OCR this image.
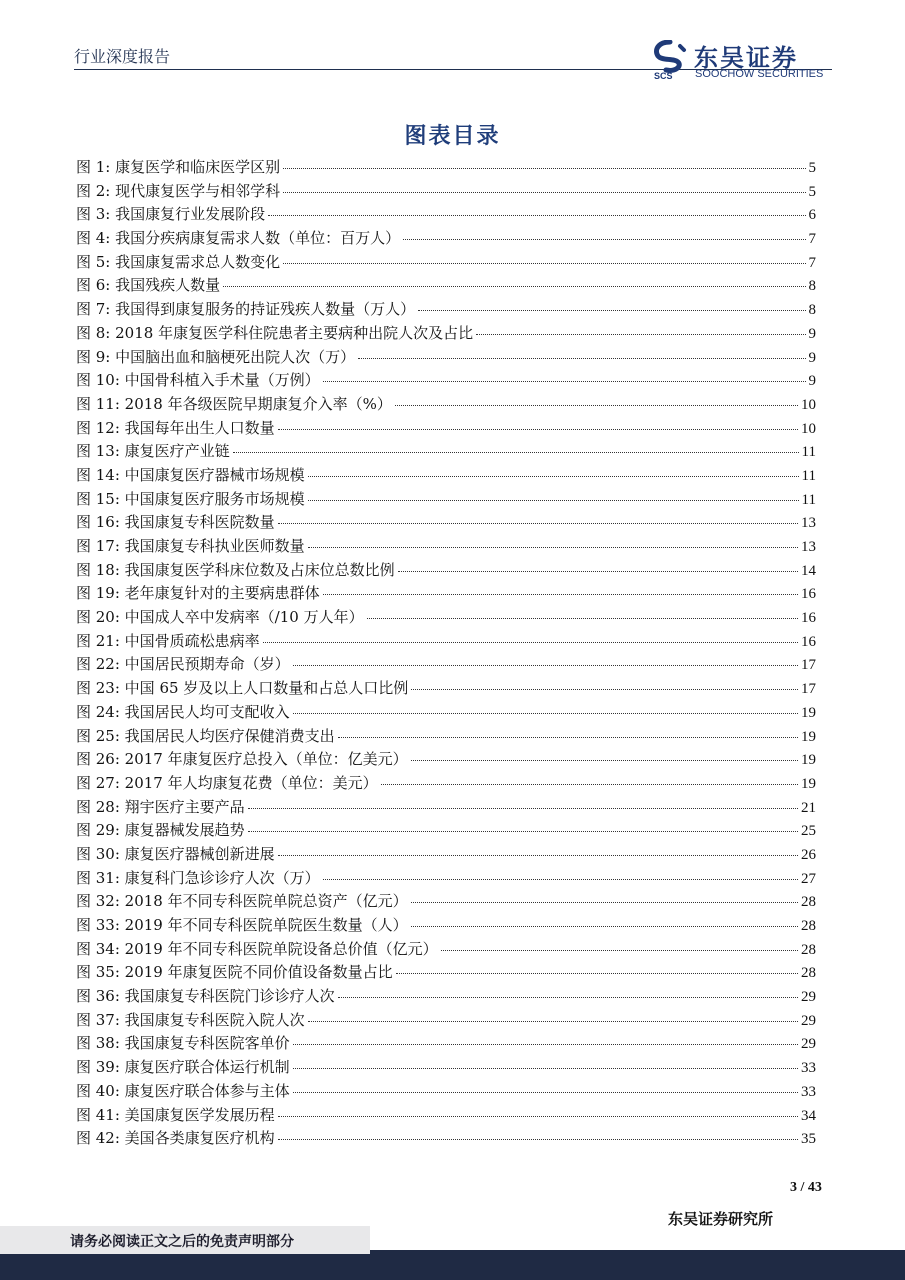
行业深度报告
SCS
东吴证券
SOOCHOW SECURITIES
图表目录
图 1: 康复医学和临床医学区别	5
图 2: 现代康复医学与相邻学科	5
图 3: 我国康复行业发展阶段	6
图 4: 我国分疾病康复需求人数（单位：百万人）	7
图 5: 我国康复需求总人数变化	7
图 6: 我国残疾人数量	8
图 7: 我国得到康复服务的持证残疾人数量（万人）	8
图 8: 2018 年康复医学科住院患者主要病种出院人次及占比	9
图 9: 中国脑出血和脑梗死出院人次（万）	9
图 10: 中国骨科植入手术量（万例）	9
图 11: 2018 年各级医院早期康复介入率（%）	10
图 12: 我国每年出生人口数量	10
图 13: 康复医疗产业链	11
图 14: 中国康复医疗器械市场规模	11
图 15: 中国康复医疗服务市场规模	11
图 16: 我国康复专科医院数量	13
图 17: 我国康复专科执业医师数量	13
图 18: 我国康复医学科床位数及占床位总数比例	14
图 19: 老年康复针对的主要病患群体	16
图 20: 中国成人卒中发病率（/10 万人年）	16
图 21: 中国骨质疏松患病率	16
图 22: 中国居民预期寿命（岁）	17
图 23: 中国 65 岁及以上人口数量和占总人口比例	17
图 24: 我国居民人均可支配收入	19
图 25: 我国居民人均医疗保健消费支出	19
图 26: 2017 年康复医疗总投入（单位：亿美元）	19
图 27: 2017 年人均康复花费（单位：美元）	19
图 28: 翔宇医疗主要产品	21
图 29: 康复器械发展趋势	25
图 30: 康复医疗器械创新进展	26
图 31: 康复科门急诊诊疗人次（万）	27
图 32: 2018 年不同专科医院单院总资产（亿元）	28
图 33: 2019 年不同专科医院单院医生数量（人）	28
图 34: 2019 年不同专科医院单院设备总价值（亿元）	28
图 35: 2019 年康复医院不同价值设备数量占比	28
图 36: 我国康复专科医院门诊诊疗人次	29
图 37: 我国康复专科医院入院人次	29
图 38: 我国康复专科医院客单价	29
图 39: 康复医疗联合体运行机制	33
图 40: 康复医疗联合体参与主体	33
图 41: 美国康复医学发展历程	34
图 42: 美国各类康复医疗机构	35
3 / 43
东吴证券研究所
请务必阅读正文之后的免责声明部分
